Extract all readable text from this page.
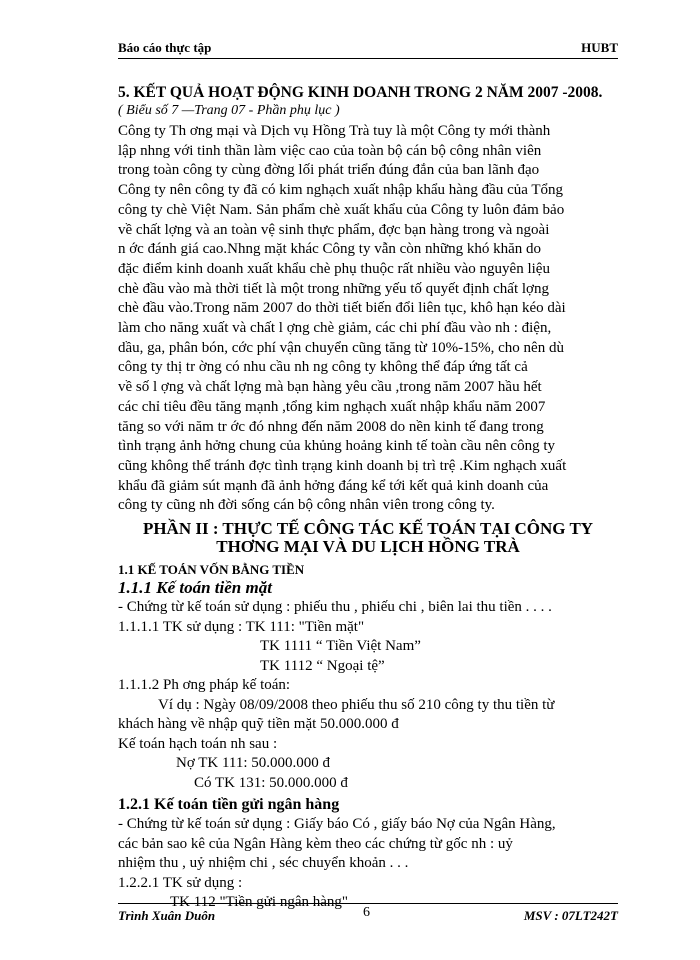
Báo cáo thực tập	HUBT
5. KẾT QUẢ HOẠT ĐỘNG KINH DOANH TRONG 2 NĂM 2007 -2008.
( Biểu số 7 —Trang 07 - Phần phụ lục )
Công ty Th ơng mại và Dịch vụ Hồng Trà tuy là một Công ty mới thành
lập nhng với tinh thần làm việc cao của toàn bộ cán bộ công nhân viên
trong toàn công ty cùng đờng lối phát triển đúng đắn của ban lãnh đạo
Công ty nên công ty đã có kim nghạch xuất nhập khẩu hàng đầu của Tổng
công ty chè Việt Nam. Sản phẩm chè xuất khẩu của Công ty luôn đảm bảo
về chất lợng và an toàn vệ sinh thực phẩm, đợc bạn hàng trong và ngoài
n ớc đánh giá cao.Nhng mặt khác Công ty vẫn còn những khó khăn do
đặc điểm kinh doanh xuất khẩu chè phụ thuộc rất nhiều vào nguyên liệu
chè đầu vào mà thời tiết là một trong những yếu tố quyết định chất lợng
chè đầu vào.Trong năm 2007 do thời tiết biến đổi liên tục, khô hạn kéo dài
làm cho năng xuất và chất l ợng chè giảm, các chi phí đầu vào nh : điện,
dầu, ga, phân bón, cớc phí vận chuyển cũng tăng từ 10%-15%, cho nên dù
công ty thị tr ờng có nhu cầu nh ng công ty không thể đáp ứng tất cả
về số l ợng và chất lợng mà bạn hàng yêu cầu ,trong năm 2007 hầu hết
các chỉ tiêu đều tăng mạnh ,tổng kim nghạch xuất nhập khẩu năm 2007
tăng so với năm tr ớc đó nhng đến năm 2008 do nền kinh tế đang trong
tình trạng ảnh hởng chung của khủng hoảng kinh tế toàn cầu nên công ty
cũng không thể tránh đợc tình trạng kinh doanh bị trì trệ .Kim nghạch xuất
khẩu đã giảm sút mạnh đã ảnh hởng đáng kể tới kết quả kinh doanh của
công ty cũng nh đời sống cán bộ công nhân viên trong công ty.
PHẦN II : THỰC TẾ CÔNG TÁC KẾ TOÁN TẠI CÔNG TY
THƠNG MẠI VÀ DU LỊCH HỒNG TRÀ
1.1 KẾ TOÁN VỐN BẰNG TIỀN
1.1.1 Kế toán tiền mặt
- Chứng từ kế toán sử dụng : phiếu thu , phiếu chi , biên lai thu tiền . . . .
1.1.1.1 TK sử dụng : TK 111: "Tiền mặt"
TK 1111 “ Tiền Việt Nam”
TK 1112 “ Ngoại tệ”
1.1.1.2 Ph ơng pháp kế toán:
Ví dụ : Ngày 08/09/2008 theo phiếu thu số 210 công ty thu tiền từ
khách hàng về nhập quỹ tiền mặt 50.000.000 đ
Kế toán hạch toán nh sau :
Nợ TK 111: 50.000.000 đ
Có TK 131: 50.000.000 đ
1.2.1 Kế toán tiền gửi ngân hàng
- Chứng từ kế toán sử dụng : Giấy báo Có , giấy báo Nợ của Ngân Hàng,
các bản sao kê của Ngân Hàng kèm theo các chứng từ gốc nh : uỷ
nhiệm thu , uỷ nhiệm chi , séc chuyển khoản . . .
1.2.2.1 TK sử dụng :
TK 112 "Tiền gửi ngân hàng"
Trình Xuân Duôn	6	MSV : 07LT242T
